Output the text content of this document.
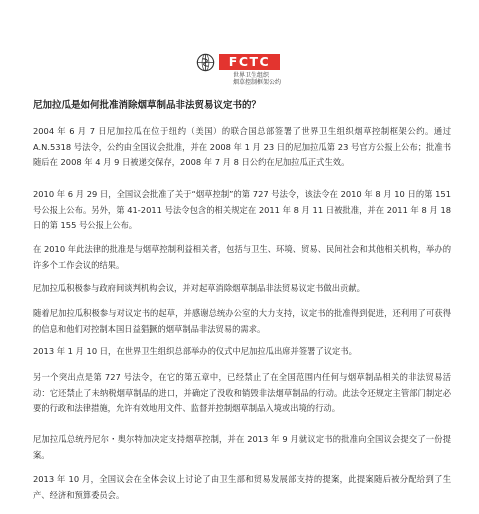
FCTC
世界卫生组织
烟草控制框架公约
尼加拉瓜是如何批准消除烟草制品非法贸易议定书的？

2004 年 6 月 7 日尼加拉瓜在位于纽约（美国）的联合国总部签署了世界卫生组织烟草控制框架公约。通过 A.N.5318 号法令，公约由全国议会批准，并在 2008 年 1 月 23 日的尼加拉瓜第 23 号官方公报上公布；批准书随后在 2008 年 4 月 9 日被递交保存，2008 年 7 月 8 日公约在尼加拉瓜正式生效。

2010 年 6 月 29 日，全国议会批准了关于“烟草控制”的第 727 号法令，该法令在 2010 年 8 月 10 日的第 151 号公报上公布。另外，第 41-2011 号法令包含的相关规定在 2011 年 8 月 11 日被批准，并在 2011 年 8 月 18 日的第 155 号公报上公布。

在 2010 年此法律的批准是与烟草控制利益相关者，包括与卫生、环境、贸易、民间社会和其他相关机构，举办的许多个工作会议的结果。

尼加拉瓜积极参与政府间谈判机构会议，并对起草消除烟草制品非法贸易议定书做出贡献。

随着尼加拉瓜积极参与对议定书的起草，并感谢总统办公室的大力支持，议定书的批准得到促进，还利用了可获得的信息和他们对控制本国日益猖獗的烟草制品非法贸易的需求。

2013 年 1 月 10 日，在世界卫生组织总部举办的仪式中尼加拉瓜出席并签署了议定书。

另一个突出点是第 727 号法令，在它的第五章中，已经禁止了在全国范围内任何与烟草制品相关的非法贸易活动：它还禁止了未纳税烟草制品的进口，并确定了没收和销毁非法烟草制品的行动。此法令还规定主管部门制定必要的行政和法律措施，允许有效地用文件、监督并控制烟草制品入境或出境的行动。

尼加拉瓜总统丹尼尔・奥尔特加决定支持烟草控制，并在 2013 年 9 月就议定书的批准向全国议会提交了一份提案。

2013 年 10 月，全国议会在全体会议上讨论了由卫生部和贸易发展部支持的提案，此提案随后被分配给到了生产、经济和预算委员会。
